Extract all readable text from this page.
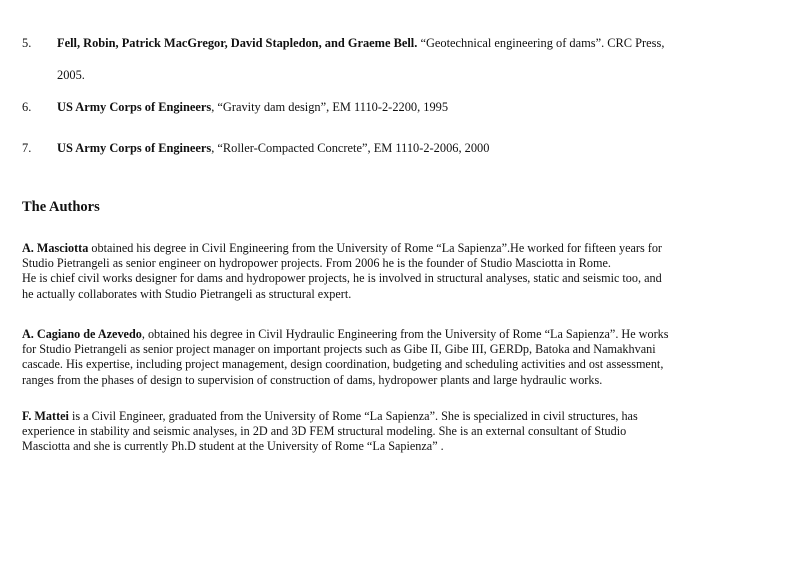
5.	Fell, Robin, Patrick MacGregor, David Stapledon, and Graeme Bell. “Geotechnical engineering of dams”. CRC Press,
2005.
6.	US Army Corps of Engineers, “Gravity dam design”, EM 1110-2-2200, 1995
7.	US Army Corps of Engineers, “Roller-Compacted Concrete”, EM 1110-2-2006, 2000
The Authors
A. Masciotta obtained his degree in Civil Engineering from the University of Rome “La Sapienza”.He worked for fifteen years for
Studio Pietrangeli as senior engineer on hydropower projects. From 2006 he is the founder of Studio Masciotta in Rome.
He is chief civil works designer for dams and hydropower projects, he is involved in structural analyses, static and seismic too, and
he actually collaborates with Studio Pietrangeli as structural expert.
A. Cagiano de Azevedo, obtained his degree in Civil Hydraulic Engineering from the University of Rome “La Sapienza”. He works
for Studio Pietrangeli as senior project manager on important projects such as Gibe II, Gibe III, GERDp, Batoka and Namakhvani
cascade. His expertise, including project management, design coordination, budgeting and scheduling activities and ost assessment,
ranges from the phases of design to supervision of construction of dams, hydropower plants and large hydraulic works.
F. Mattei is a Civil Engineer, graduated from the University of Rome “La Sapienza”. She is specialized in civil structures, has
experience in stability and seismic analyses, in 2D and 3D FEM structural modeling. She is an external consultant of Studio
Masciotta and she is currently Ph.D student at the University of Rome “La Sapienza” .
